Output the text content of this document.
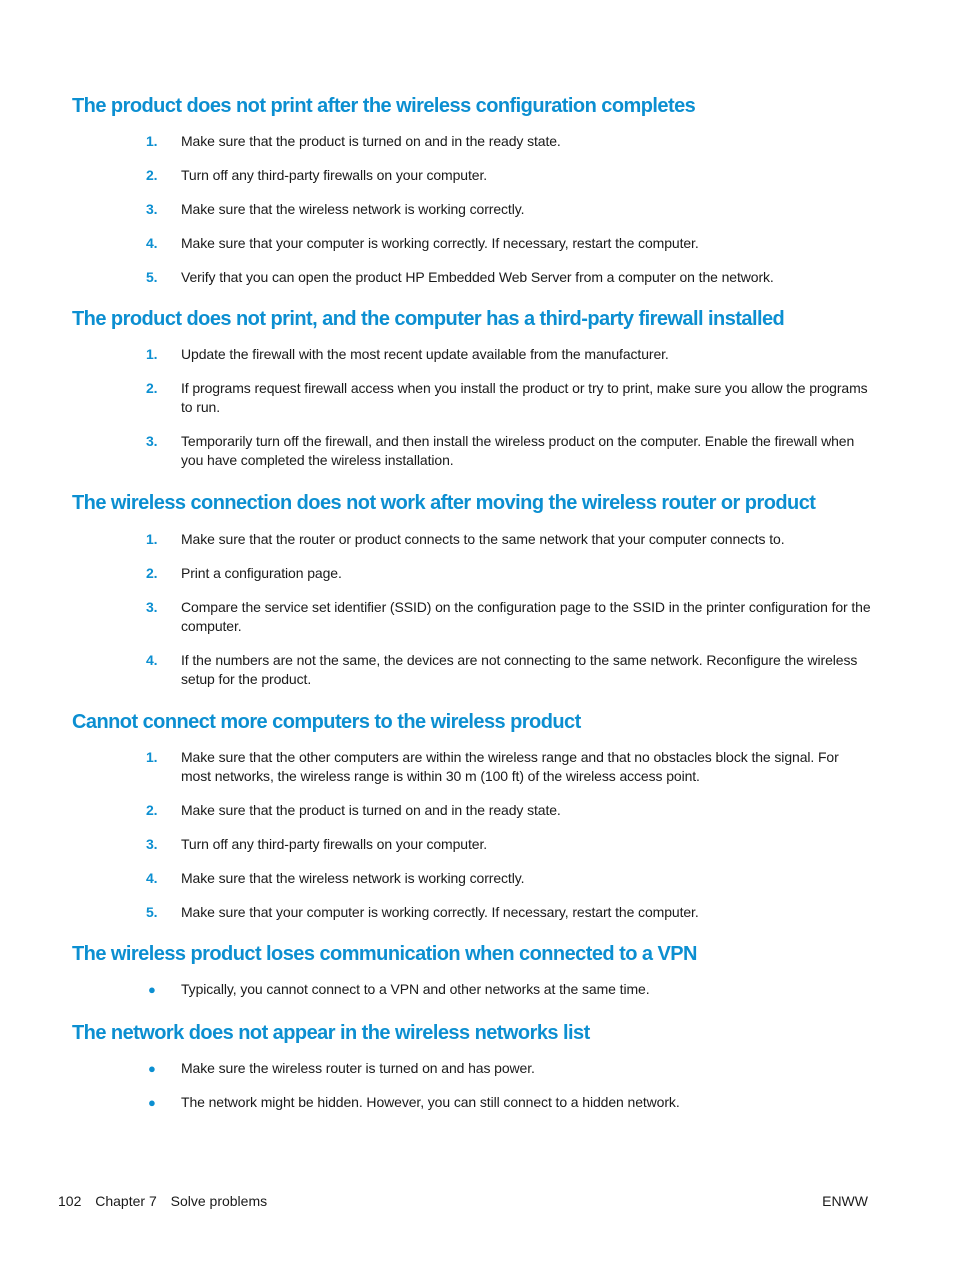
The product does not print after the wireless configuration completes
1. Make sure that the product is turned on and in the ready state.
2. Turn off any third-party firewalls on your computer.
3. Make sure that the wireless network is working correctly.
4. Make sure that your computer is working correctly. If necessary, restart the computer.
5. Verify that you can open the product HP Embedded Web Server from a computer on the network.
The product does not print, and the computer has a third-party firewall installed
1. Update the firewall with the most recent update available from the manufacturer.
2. If programs request firewall access when you install the product or try to print, make sure you allow the programs to run.
3. Temporarily turn off the firewall, and then install the wireless product on the computer. Enable the firewall when you have completed the wireless installation.
The wireless connection does not work after moving the wireless router or product
1. Make sure that the router or product connects to the same network that your computer connects to.
2. Print a configuration page.
3. Compare the service set identifier (SSID) on the configuration page to the SSID in the printer configuration for the computer.
4. If the numbers are not the same, the devices are not connecting to the same network. Reconfigure the wireless setup for the product.
Cannot connect more computers to the wireless product
1. Make sure that the other computers are within the wireless range and that no obstacles block the signal. For most networks, the wireless range is within 30 m (100 ft) of the wireless access point.
2. Make sure that the product is turned on and in the ready state.
3. Turn off any third-party firewalls on your computer.
4. Make sure that the wireless network is working correctly.
5. Make sure that your computer is working correctly. If necessary, restart the computer.
The wireless product loses communication when connected to a VPN
● Typically, you cannot connect to a VPN and other networks at the same time.
The network does not appear in the wireless networks list
● Make sure the wireless router is turned on and has power.
● The network might be hidden. However, you can still connect to a hidden network.
102 Chapter 7 Solve problems	ENWW
